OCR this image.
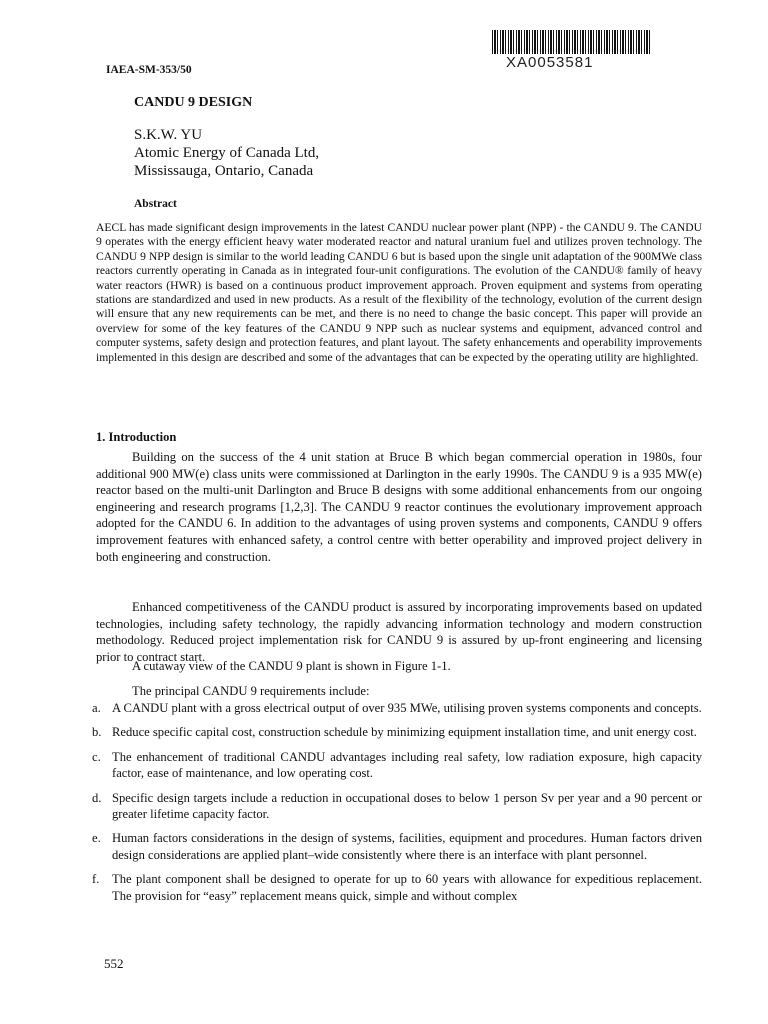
XA0053581
IAEA-SM-353/50
CANDU 9 DESIGN
S.K.W. YU
Atomic Energy of Canada Ltd,
Mississauga, Ontario, Canada
Abstract

AECL has made significant design improvements in the latest CANDU nuclear power plant (NPP) - the CANDU 9. The CANDU 9 operates with the energy efficient heavy water moderated reactor and natural uranium fuel and utilizes proven technology. The CANDU 9 NPP design is similar to the world leading CANDU 6 but is based upon the single unit adaptation of the 900MWe class reactors currently operating in Canada as in integrated four-unit configurations. The evolution of the CANDU® family of heavy water reactors (HWR) is based on a continuous product improvement approach. Proven equipment and systems from operating stations are standardized and used in new products. As a result of the flexibility of the technology, evolution of the current design will ensure that any new requirements can be met, and there is no need to change the basic concept. This paper will provide an overview for some of the key features of the CANDU 9 NPP such as nuclear systems and equipment, advanced control and computer systems, safety design and protection features, and plant layout. The safety enhancements and operability improvements implemented in this design are described and some of the advantages that can be expected by the operating utility are highlighted.

1. Introduction

Building on the success of the 4 unit station at Bruce B which began commercial operation in 1980s, four additional 900 MW(e) class units were commissioned at Darlington in the early 1990s. The CANDU 9 is a 935 MW(e) reactor based on the multi-unit Darlington and Bruce B designs with some additional enhancements from our ongoing engineering and research programs [1,2,3]. The CANDU 9 reactor continues the evolutionary improvement approach adopted for the CANDU 6. In addition to the advantages of using proven systems and components, CANDU 9 offers improvement features with enhanced safety, a control centre with better operability and improved project delivery in both engineering and construction.

Enhanced competitiveness of the CANDU product is assured by incorporating improvements based on updated technologies, including safety technology, the rapidly advancing information technology and modern construction methodology. Reduced project implementation risk for CANDU 9 is assured by up-front engineering and licensing prior to contract start.

A cutaway view of the CANDU 9 plant is shown in Figure 1-1.

The principal CANDU 9 requirements include:

a. A CANDU plant with a gross electrical output of over 935 MWe, utilising proven systems components and concepts.
b. Reduce specific capital cost, construction schedule by minimizing equipment installation time, and unit energy cost.
c. The enhancement of traditional CANDU advantages including real safety, low radiation exposure, high capacity factor, ease of maintenance, and low operating cost.
d. Specific design targets include a reduction in occupational doses to below 1 person Sv per year and a 90 percent or greater lifetime capacity factor.
e. Human factors considerations in the design of systems, facilities, equipment and procedures. Human factors driven design considerations are applied plant–wide consistently where there is an interface with plant personnel.
f. The plant component shall be designed to operate for up to 60 years with allowance for expeditious replacement. The provision for “easy” replacement means quick, simple and without complex
552
